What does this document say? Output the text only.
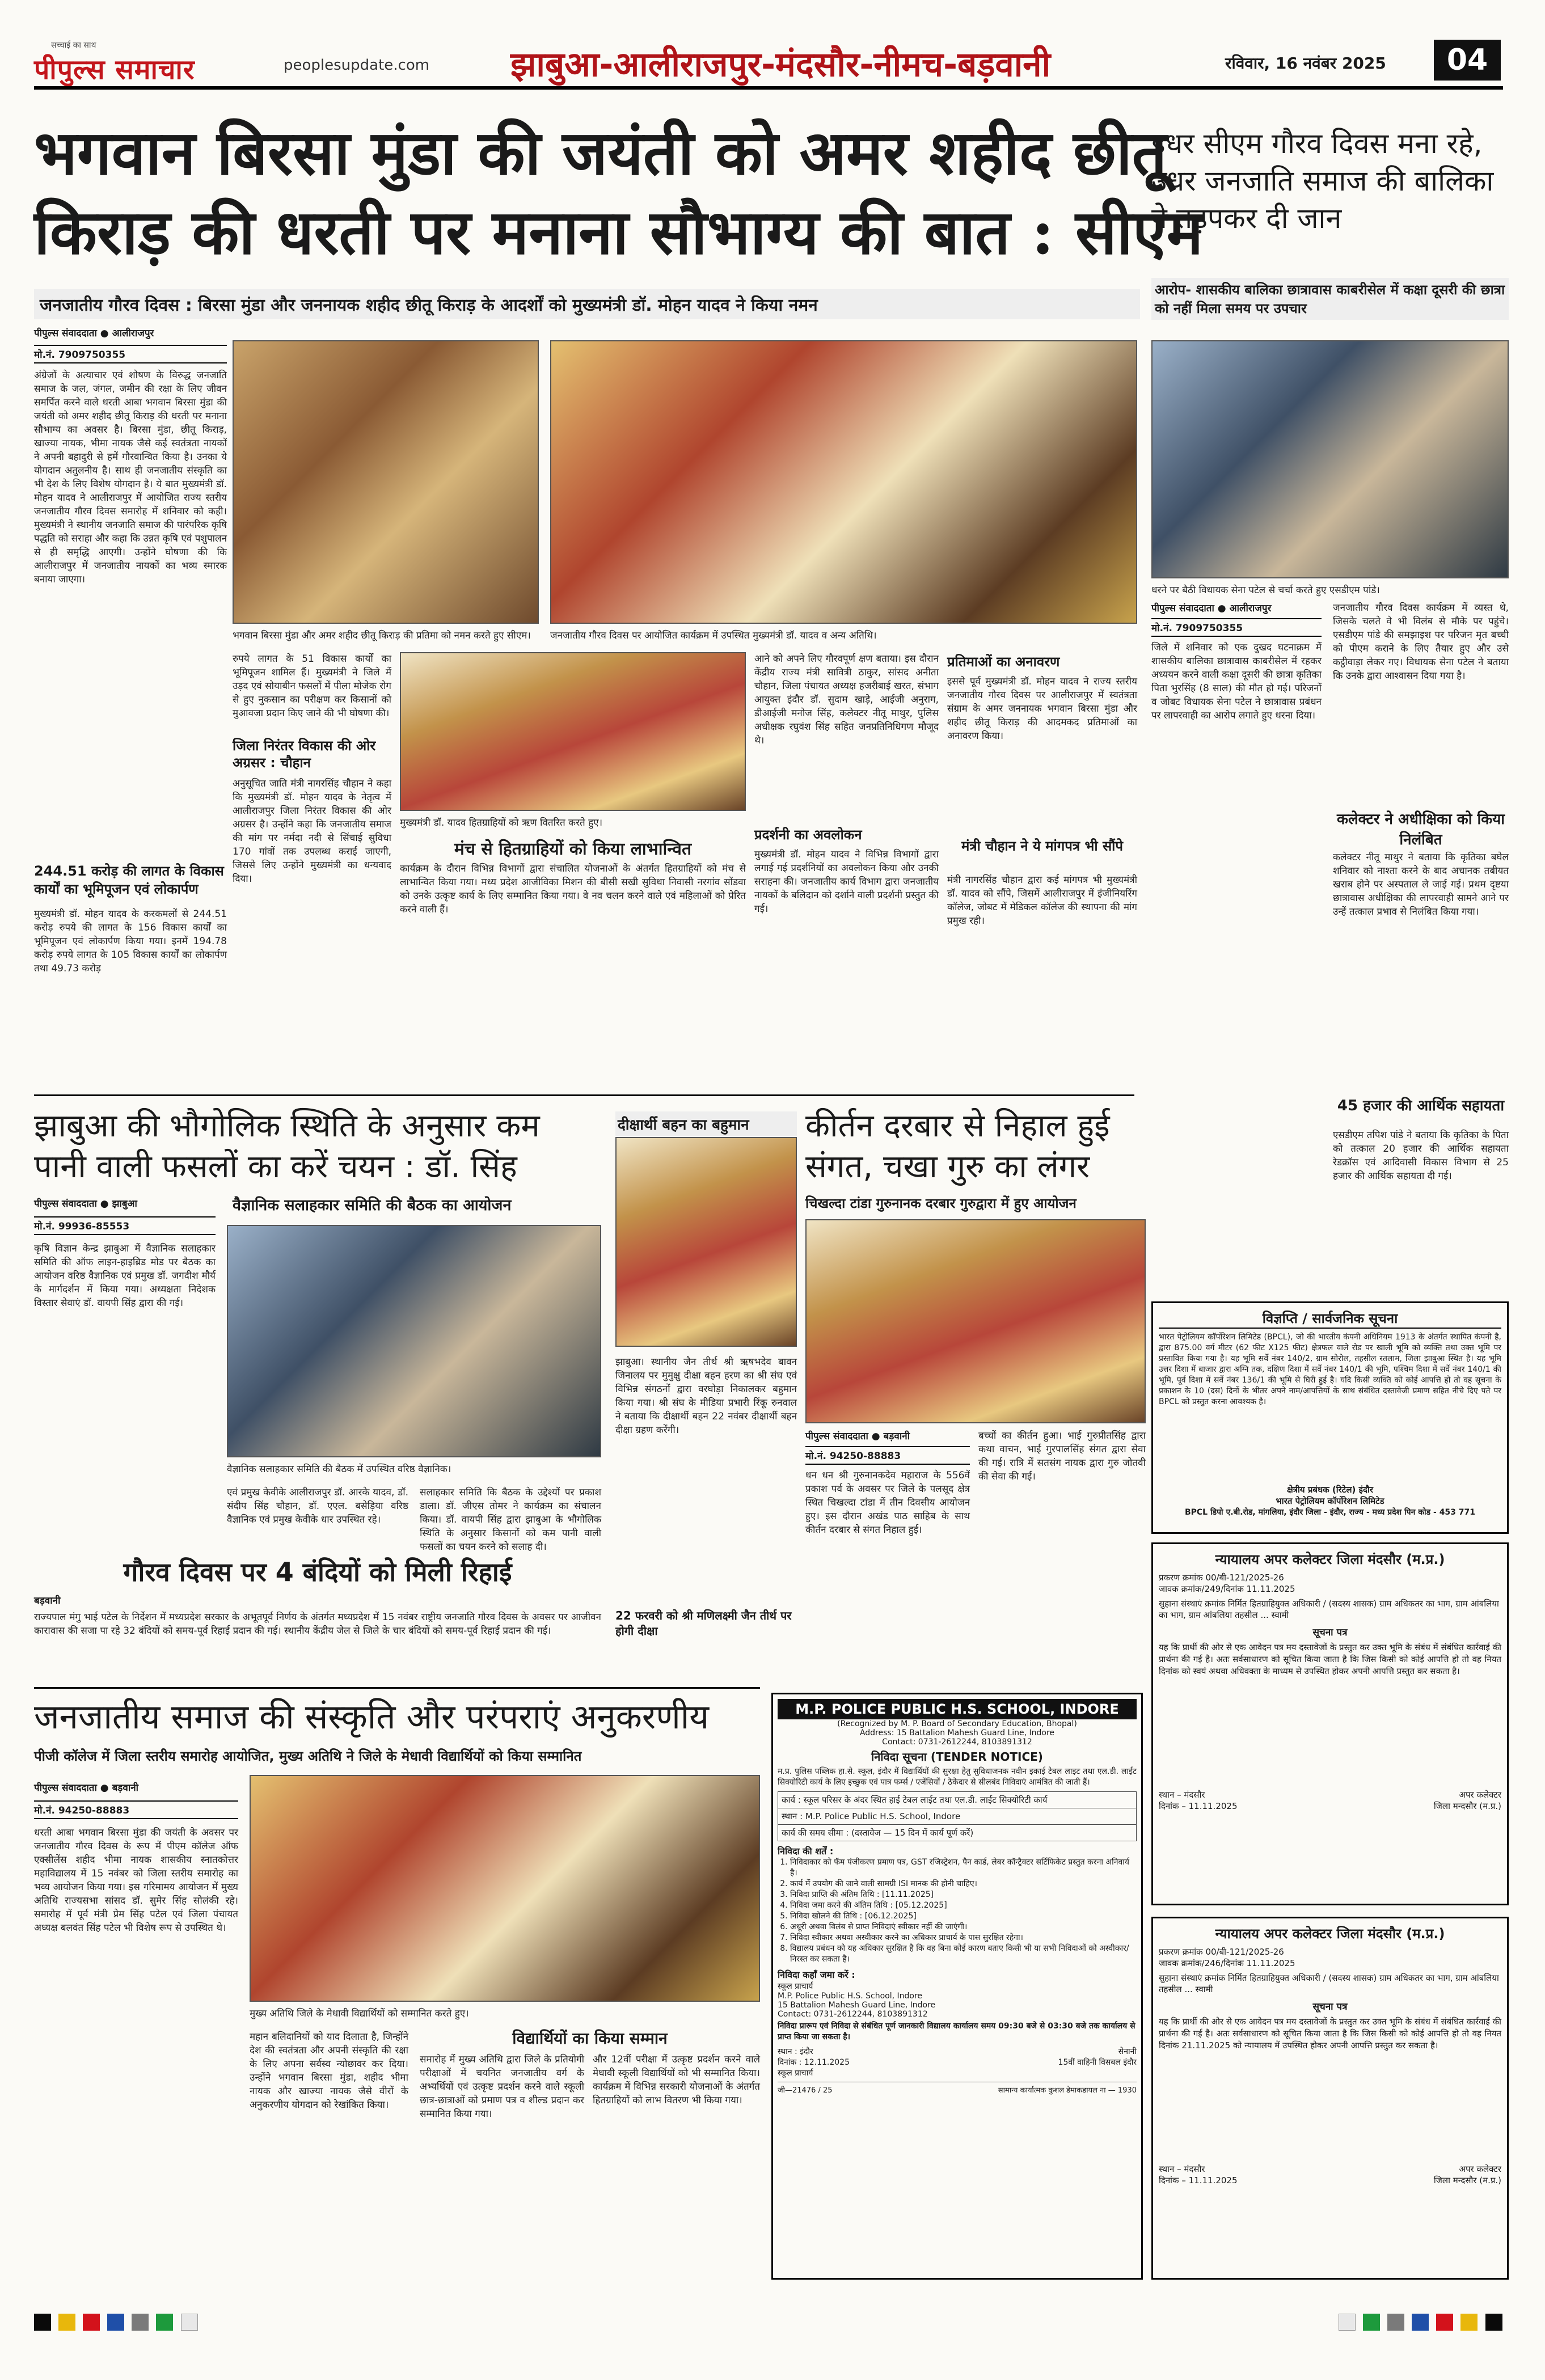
सच्चाई का साथ
पीपुल्स समाचार	peoplesupdate.com झाबुआ-आलीराजपुर-मंदसौर-नीमच-बड़वानी	रविवार, 16 नवंबर 2025	04
भगवान बिरसा मुंडा की जयंती को अमर शहीद छीतू
किराड़ की धरती पर मनाना सौभाग्य की बात : सीएम
जनजातीय गौरव दिवस : बिरसा मुंडा और जननायक शहीद छीतू किराड़ के आदर्शों को मुख्यमंत्री डॉ. मोहन यादव ने किया नमन
पीपुल्स संवाददाता ● आलीराजपुर
मो.नं. 7909750355
अंग्रेजों के अत्याचार एवं शोषण के विरुद्ध जनजाति समाज के जल, जंगल, जमीन की रक्षा के लिए जीवन समर्पित करने वाले धरती आबा भगवान बिरसा मुंडा की जयंती को अमर शहीद छीतू किराड़ की धरती पर मनाना सौभाग्य का अवसर है। बिरसा मुंडा, छीतू किराड़, खाज्या नायक, भीमा नायक जैसे कई स्वतंत्रता नायकों ने अपनी बहादुरी से हमें गौरवान्वित किया है। उनका ये योगदान अतुलनीय है। साथ ही जनजातीय संस्कृति का भी देश के लिए विशेष योगदान है। ये बात मुख्यमंत्री डॉ. मोहन यादव ने आलीराजपुर में आयोजित राज्य स्तरीय जनजातीय गौरव दिवस समारोह में शनिवार को कही। मुख्यमंत्री ने स्थानीय जनजाति समाज की पारंपरिक कृषि पद्धति को सराहा और कहा कि उन्नत कृषि एवं पशुपालन से ही समृद्धि आएगी। उन्होंने घोषणा की कि आलीराजपुर में जनजातीय नायकों का भव्य स्मारक बनाया जाएगा।
244.51 करोड़ की लागत के विकास कार्यों का भूमिपूजन एवं लोकार्पण
मुख्यमंत्री डॉ. मोहन यादव के करकमलों से 244.51 करोड़ रुपये की लागत के 156 विकास कार्यों का भूमिपूजन एवं लोकार्पण किया गया। इनमें 194.78 करोड़ रुपये लागत के 105 विकास कार्यों का लोकार्पण तथा 49.73 करोड़
भगवान बिरसा मुंडा और अमर शहीद छीतू किराड़ की प्रतिमा को नमन करते हुए सीएम।	जनजातीय गौरव दिवस पर आयोजित कार्यक्रम में उपस्थित मुख्यमंत्री डॉ. यादव व अन्य अतिथि।
रुपये लागत के 51 विकास कार्यों का भूमिपूजन शामिल हैं। मुख्यमंत्री ने जिले में उड़द एवं सोयाबीन फसलों में पीला मोजेक रोग से हुए नुकसान का परीक्षण कर किसानों को मुआवजा प्रदान किए जाने की भी घोषणा की।
जिला निरंतर विकास की ओर अग्रसर : चौहान
अनुसूचित जाति मंत्री नागरसिंह चौहान ने कहा कि मुख्यमंत्री डॉ. मोहन यादव के नेतृत्व में आलीराजपुर जिला निरंतर विकास की ओर अग्रसर है। उन्होंने कहा कि जनजातीय समाज की मांग पर नर्मदा नदी से सिंचाई सुविधा 170 गांवों तक उपलब्ध कराई जाएगी, जिससे लिए उन्होंने मुख्यमंत्री का धन्यवाद दिया।
मुख्यमंत्री डॉ. यादव हितग्राहियों को ऋण वितरित करते हुए।
मंच से हितग्राहियों को किया लाभान्वित
कार्यक्रम के दौरान विभिन्न विभागों द्वारा संचालित योजनाओं के अंतर्गत हितग्राहियों को मंच से लाभान्वित किया गया। मध्य प्रदेश आजीविका मिशन की बीसी सखी सुविधा निवासी नरगांव सोंडवा को उनके उत्कृष्ट कार्य के लिए सम्मानित किया गया। वे नव चलन करने वाले एवं महिलाओं को प्रेरित करने वाली हैं।
आने को अपने लिए गौरवपूर्ण क्षण बताया। इस दौरान केंद्रीय राज्य मंत्री सावित्री ठाकुर, सांसद अनीता चौहान, जिला पंचायत अध्यक्ष हजरीबाई खरत, संभाग आयुक्त इंदौर डॉ. सुदाम खाड़े, आईजी अनुराग, डीआईजी मनोज सिंह, कलेक्टर नीतू माथुर, पुलिस अधीक्षक रघुवंश सिंह सहित जनप्रतिनिधिगण मौजूद थे।
प्रदर्शनी का अवलोकन
मुख्यमंत्री डॉ. मोहन यादव ने विभिन्न विभागों द्वारा लगाई गई प्रदर्शनियों का अवलोकन किया और उनकी सराहना की। जनजातीय कार्य विभाग द्वारा जनजातीय नायकों के बलिदान को दर्शाने वाली प्रदर्शनी प्रस्तुत की गई।
प्रतिमाओं का अनावरण
इससे पूर्व मुख्यमंत्री डॉ. मोहन यादव ने राज्य स्तरीय जनजातीय गौरव दिवस पर आलीराजपुर में स्वतंत्रता संग्राम के अमर जननायक भगवान बिरसा मुंडा और शहीद छीतू किराड़ की आदमकद प्रतिमाओं का अनावरण किया।
मंत्री चौहान ने ये मांगपत्र भी सौंपे
मंत्री नागरसिंह चौहान द्वारा कई मांगपत्र भी मुख्यमंत्री डॉ. यादव को सौंपे, जिसमें आलीराजपुर में इंजीनियरिंग कॉलेज, जोबट में मेडिकल कॉलेज की स्थापना की मांग प्रमुख रही।
इधर सीएम गौरव दिवस मना रहे, उधर जनजाति समाज की बालिका ने तड़पकर दी जान
आरोप- शासकीय बालिका छात्रावास काबरीसेल में कक्षा दूसरी की छात्रा को नहीं मिला समय पर उपचार
धरने पर बैठी विधायक सेना पटेल से चर्चा करते हुए एसडीएम पांडे।
पीपुल्स संवाददाता ● आलीराजपुर
मो.नं. 7909750355
जिले में शनिवार को एक दुखद घटनाक्रम में शासकीय बालिका छात्रावास काबरीसेल में रहकर अध्ययन करने वाली कक्षा दूसरी की छात्रा कृतिका पिता भुरसिंह (8 साल) की मौत हो गई। परिजनों व जोबट विधायक सेना पटेल ने छात्रावास प्रबंधन पर लापरवाही का आरोप लगाते हुए धरना दिया।
जनजातीय गौरव दिवस कार्यक्रम में व्यस्त थे, जिसके चलते वे भी विलंब से मौके पर पहुंचे। एसडीएम पांडे की समझाइश पर परिजन मृत बच्ची को पीएम कराने के लिए तैयार हुए और उसे कट्ठीवाड़ा लेकर गए। विधायक सेना पटेल ने बताया कि उनके द्वारा आश्वासन दिया गया है।
कलेक्टर ने अधीक्षिका को किया निलंबित
कलेक्टर नीतू माथुर ने बताया कि कृतिका बघेल शनिवार को नाश्ता करने के बाद अचानक तबीयत खराब होने पर अस्पताल ले जाई गई। प्रथम दृष्टया छात्रावास अधीक्षिका की लापरवाही सामने आने पर उन्हें तत्काल प्रभाव से निलंबित किया गया।
45 हजार की आर्थिक सहायता
एसडीएम तपिश पांडे ने बताया कि कृतिका के पिता को तत्काल 20 हजार की आर्थिक सहायता रेडक्रॉस एवं आदिवासी विकास विभाग से 25 हजार की आर्थिक सहायता दी गई।
झाबुआ की भौगोलिक स्थिति के अनुसार कम पानी वाली फसलों का करें चयन : डॉ. सिंह
पीपुल्स संवाददाता ● झाबुआ	वैज्ञानिक सलाहकार समिति की बैठक का आयोजन
मो.नं. 99936-85553
कृषि विज्ञान केन्द्र झाबुआ में वैज्ञानिक सलाहकार समिति की ऑफ लाइन-हाइब्रिड मोड पर बैठक का आयोजन वरिष्ठ वैज्ञानिक एवं प्रमुख डॉ. जगदीश मौर्य के मार्गदर्शन में किया गया। अध्यक्षता निदेशक विस्तार सेवाएं डॉ. वायपी सिंह द्वारा की गई।
वैज्ञानिक सलाहकार समिति की बैठक में उपस्थित वरिष्ठ वैज्ञानिक।
एवं प्रमुख केवीके आलीराजपुर डॉ. आरके यादव, डॉ. संदीप सिंह चौहान, डॉ. एएल. बसेड़िया वरिष्ठ वैज्ञानिक एवं प्रमुख केवीके धार उपस्थित रहे।
सलाहकार समिति कि बैठक के उद्देश्यों पर प्रकाश डाला। डॉ. जीएस तोमर ने कार्यक्रम का संचालन किया। डॉ. वायपी सिंह द्वारा झाबुआ के भौगोलिक स्थिति के अनुसार किसानों को कम पानी वाली फसलों का चयन करने को सलाह दी।
गौरव दिवस पर 4 बंदियों को मिली रिहाई
बड़वानी
राज्यपाल मंगु भाई पटेल के निर्देशन में मध्यप्रदेश सरकार के अभूतपूर्व निर्णय के अंतर्गत मध्यप्रदेश में 15 नवंबर राष्ट्रीय जनजाति गौरव दिवस के अवसर पर आजीवन कारावास की सजा पा रहे 32 बंदियों को समय-पूर्व रिहाई प्रदान की गई। स्थानीय केंद्रीय जेल से जिले के चार बंदियों को समय-पूर्व रिहाई प्रदान की गई।
दीक्षार्थी बहन का बहुमान
झाबुआ। स्थानीय जैन तीर्थ श्री ऋषभदेव बावन जिनालय पर मुमुक्षु दीक्षा बहन हरण का श्री संघ एवं विभिन्न संगठनों द्वारा वरघोड़ा निकालकर बहुमान किया गया। श्री संघ के मीडिया प्रभारी रिंकू रुनवाल ने बताया कि दीक्षार्थी बहन 22 नवंबर दीक्षार्थी बहन दीक्षा ग्रहण करेंगी।
22 फरवरी को श्री मणिलक्ष्मी जैन तीर्थ पर होगी दीक्षा
कीर्तन दरबार से निहाल हुई संगत, चखा गुरु का लंगर
चिखल्दा टांडा गुरुनानक दरबार गुरुद्वारा में हुए आयोजन
पीपुल्स संवाददाता ● बड़वानी
मो.नं. 94250-88883
धन धन श्री गुरुनानकदेव महाराज के 556वें प्रकाश पर्व के अवसर पर जिले के पलसूद क्षेत्र स्थित चिखल्दा टांडा में तीन दिवसीय आयोजन हुए। इस दौरान अखंड पाठ साहिब के साथ कीर्तन दरबार से संगत निहाल हुई।
बच्चों का कीर्तन हुआ। भाई गुरुप्रीतसिंह द्वारा कथा वाचन, भाई गुरपालसिंह संगत द्वारा सेवा की गई। रात्रि में सतसंग नायक द्वारा गुरु जोतवी की सेवा की गई।
विज्ञप्ति / सार्वजनिक सूचना
भारत पेट्रोलियम कॉर्पोरेशन लिमिटेड (BPCL), जो की भारतीय कंपनी अधिनियम 1913 के अंतर्गत स्थापित कंपनी है, द्वारा 875.00 वर्ग मीटर (62 फीट X125 फीट) क्षेत्रफल वाले रोड पर खाली भूमि को व्यक्ति तथा उक्त भूमि पर प्रस्तावित किया गया है। यह भूमि सर्वे नंबर 140/2, ग्राम सोरोल, तहसील रतलाम, जिला झाबुआ स्थित है। यह भूमि उत्तर दिशा में बाजार द्वारा अग्नि तक, दक्षिण दिशा में सर्वे नंबर 140/1 की भूमि, पश्चिम दिशा में सर्वे नंबर 140/1 की भूमि, पूर्व दिशा में सर्वे नंबर 136/1 की भूमि से घिरी हुई है। यदि किसी व्यक्ति को कोई आपत्ति हो तो वह सूचना के प्रकाशन के 10 (दस) दिनों के भीतर अपने नाम/आपत्तियों के साथ संबंधित दस्तावेजी प्रमाण सहित नीचे दिए पते पर BPCL को प्रस्तुत करना आवश्यक है।
क्षेत्रीय प्रबंधक (रिटेल) इंदौर
भारत पेट्रोलियम कॉर्पोरेशन लिमिटेड
BPCL डिपो ए.बी.रोड, मांगलिया, इंदौर जिला - इंदौर, राज्य - मध्य प्रदेश पिन कोड - 453 771
न्यायालय अपर कलेक्टर जिला मंदसौर (म.प्र.)
प्रकरण क्रमांक 00/बी-121/2025-26
जावक क्रमांक/249/दिनांक 11.11.2025
सुहाना संस्थाएं क्रमांक निर्मित हितग्राहियुक्त अधिकारी / (सदस्य शासक) ग्राम अधिकतर का भाग, ग्राम आंबलिया का भाग, ग्राम आंबलिया तहसील ... स्वामी
सूचना पत्र
यह कि प्रार्थी की ओर से एक आवेदन पत्र मय दस्तावेजों के प्रस्तुत कर उक्त भूमि के संबंध में संबंधित कार्रवाई की प्रार्थना की गई है। अतः सर्वसाधारण को सूचित किया जाता है कि जिस किसी को कोई आपत्ति हो तो वह नियत दिनांक को स्वयं अथवा अधिवक्ता के माध्यम से उपस्थित होकर अपनी आपत्ति प्रस्तुत कर सकता है।
स्थान – मंदसौर
दिनांक – 11.11.2025
अपर कलेक्टर
जिला मन्दसौर (म.प्र.)
न्यायालय अपर कलेक्टर जिला मंदसौर (म.प्र.)
प्रकरण क्रमांक 00/बी-121/2025-26
जावक क्रमांक/246/दिनांक 11.11.2025
सुहाना संस्थाएं क्रमांक निर्मित हितग्राहियुक्त अधिकारी / (सदस्य शासक) ग्राम अधिकतर का भाग, ग्राम आंबलिया तहसील ... स्वामी
सूचना पत्र
यह कि प्रार्थी की ओर से एक आवेदन पत्र मय दस्तावेजों के प्रस्तुत कर उक्त भूमि के संबंध में संबंधित कार्रवाई की प्रार्थना की गई है। अतः सर्वसाधारण को सूचित किया जाता है कि जिस किसी को कोई आपत्ति हो तो वह नियत दिनांक 21.11.2025 को न्यायालय में उपस्थित होकर अपनी आपत्ति प्रस्तुत कर सकता है।
स्थान – मंदसौर
दिनांक – 11.11.2025
अपर कलेक्टर
जिला मन्दसौर (म.प्र.)
M.P. POLICE PUBLIC H.S. SCHOOL, INDORE
(Recognized by M. P. Board of Secondary Education, Bhopal)
Address: 15 Battalion Mahesh Guard Line, Indore
Contact: 0731-2612244, 8103891312
निविदा सूचना (TENDER NOTICE)
म.प्र. पुलिस पब्लिक हा.से. स्कूल, इंदौर में विद्यार्थियों की सुरक्षा हेतु सुविधाजनक नवीन इकाई टेबल लाइट तथा एल.डी. लाईट सिक्योरिटी कार्य के लिए इच्छुक एवं पात्र फर्म्स / एजेंसियों / ठेकेदार से सीलबंद निविदाएं आमंत्रित की जाती हैं।
कार्य : स्कूल परिसर के अंदर स्थित हाई टेबल लाईट तथा एल.डी. लाईट सिक्योरिटी कार्य
स्थान : M.P. Police Public H.S. School, Indore
कार्य की समय सीमा : (दस्तावेज — 15 दिन में कार्य पूर्ण करें)
निविदा की शर्तें :
1. निविदाकार को फॅम पंजीकरण प्रमाण पत्र, GST रजिस्ट्रेशन, पैन कार्ड, लेबर कॉन्ट्रैक्टर सर्टिफिकेट प्रस्तुत करना अनिवार्य है।
2. कार्य में उपयोग की जाने वाली सामग्री ISI मानक की होनी चाहिए।
3. निविदा प्राप्ति की अंतिम तिथि : [11.11.2025]
4. निविदा जमा करने की अंतिम तिथि : [05.12.2025]
5. निविदा खोलने की तिथि : [06.12.2025]
6. अधूरी अथवा विलंब से प्राप्त निविदाएं स्वीकार नहीं की जाएंगी।
7. निविदा स्वीकार अथवा अस्वीकार करने का अधिकार प्राचार्य के पास सुरक्षित रहेगा।
8. विद्यालय प्रबंधन को यह अधिकार सुरक्षित है कि वह बिना कोई कारण बताए किसी भी या सभी निविदाओं को अस्वीकार/निरस्त कर सकता है।
निविदा कहाँ जमा करें :
स्कूल प्राचार्य
M.P. Police Public H.S. School, Indore
15 Battalion Mahesh Guard Line, Indore
Contact: 0731-2612244, 8103891312
निविदा प्रारूप एवं निविदा से संबंधित पूर्ण जानकारी विद्यालय कार्यालय समय 09:30 बजे से 03:30 बजे तक कार्यालय से प्राप्त किया जा सकता है।
स्थान : इंदौर
दिनांक : 12.11.2025
स्कूल प्राचार्य
सेनानी
15वीं वाहिनी विसबल इंदौर
जी—21476 / 25	सामान्य कार्यात्मक कुशल डेमाकडायल ना — 1930
जनजातीय समाज की संस्कृति और परंपराएं अनुकरणीय
पीजी कॉलेज में जिला स्तरीय समारोह आयोजित, मुख्य अतिथि ने जिले के मेधावी विद्यार्थियों को किया सम्मानित
पीपुल्स संवाददाता ● बड़वानी
मो.नं. 94250-88883
धरती आबा भगवान बिरसा मुंडा की जयंती के अवसर पर जनजातीय गौरव दिवस के रूप में पीएम कॉलेज ऑफ एक्सीलेंस शहीद भीमा नायक शासकीय स्नातकोत्तर महाविद्यालय में 15 नवंबर को जिला स्तरीय समारोह का भव्य आयोजन किया गया। इस गरिमामय आयोजन में मुख्य अतिथि राज्यसभा सांसद डॉ. सुमेर सिंह सोलंकी रहे। समारोह में पूर्व मंत्री प्रेम सिंह पटेल एवं जिला पंचायत अध्यक्ष बलवंत सिंह पटेल भी विशेष रूप से उपस्थित थे।
मुख्य अतिथि जिले के मेधावी विद्यार्थियों को सम्मानित करते हुए।
महान बलिदानियों को याद दिलाता है, जिन्होंने देश की स्वतंत्रता और अपनी संस्कृति की रक्षा के लिए अपना सर्वस्व न्योछावर कर दिया। उन्होंने भगवान बिरसा मुंडा, शहीद भीमा नायक और खाज्या नायक जैसे वीरों के अनुकरणीय योगदान को रेखांकित किया।
विद्यार्थियों का किया सम्मान
समारोह में मुख्य अतिथि द्वारा जिले के प्रतियोगी परीक्षाओं में चयनित जनजातीय वर्ग के अभ्यर्थियों एवं उत्कृष्ट प्रदर्शन करने वाले स्कूली छात्र-छात्राओं को प्रमाण पत्र व शील्ड प्रदान कर सम्मानित किया गया।
और 12वीं परीक्षा में उत्कृष्ट प्रदर्शन करने वाले मेधावी स्कूली विद्यार्थियों को भी सम्मानित किया। कार्यक्रम में विभिन्न सरकारी योजनाओं के अंतर्गत हितग्राहियों को लाभ वितरण भी किया गया।
